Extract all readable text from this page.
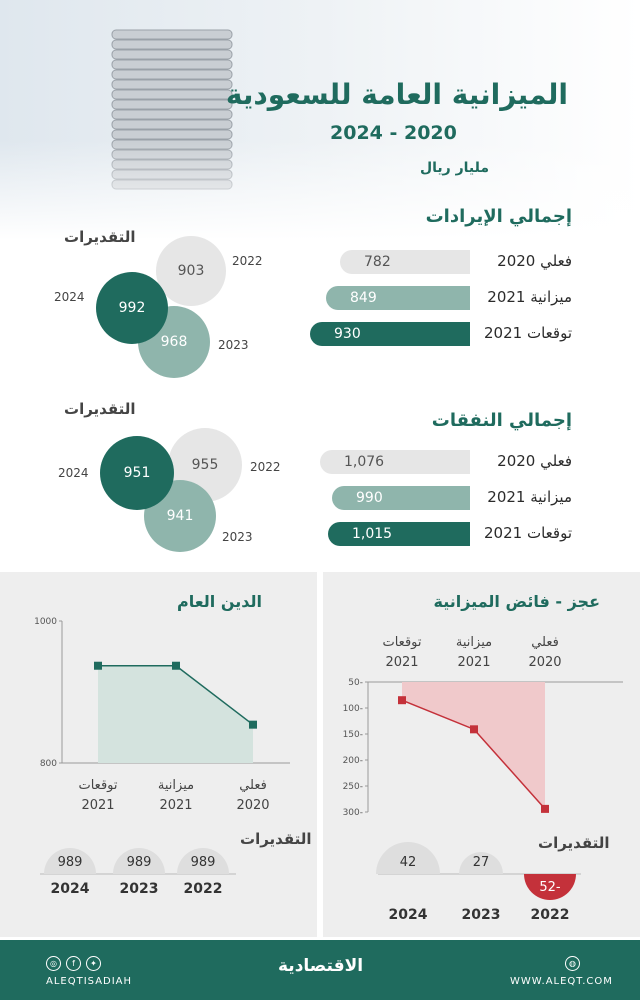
الميزانية العامة للسعودية
2024 - 2020
مليار ريال
إجمالي الإيرادات
782	فعلي 2020
849	ميزانية 2021
930	توقعات 2021
التقديرات
903
2022
968	2023
992
2024
إجمالي النفقات
1,076	فعلي 2020
990	ميزانية 2021
1,015	توقعات 2021
التقديرات
955	2022
941
2023
951
2024
الدين العام	عجز - فائض الميزانية
1000
800
فعلي
2020
ميزانية
2021
توقعات
2021
50-
100-
150-
200-
250-
300-
فعلي
2020
ميزانية
2021
توقعات
2021
التقديرات	التقديرات
989
2022
989
2023
989
2024	52-
2022
27
2023
42
2024
◎	f	✦
ALEQTISADIAH
الاقتصادية	◍
WWW.ALEQT.COM
